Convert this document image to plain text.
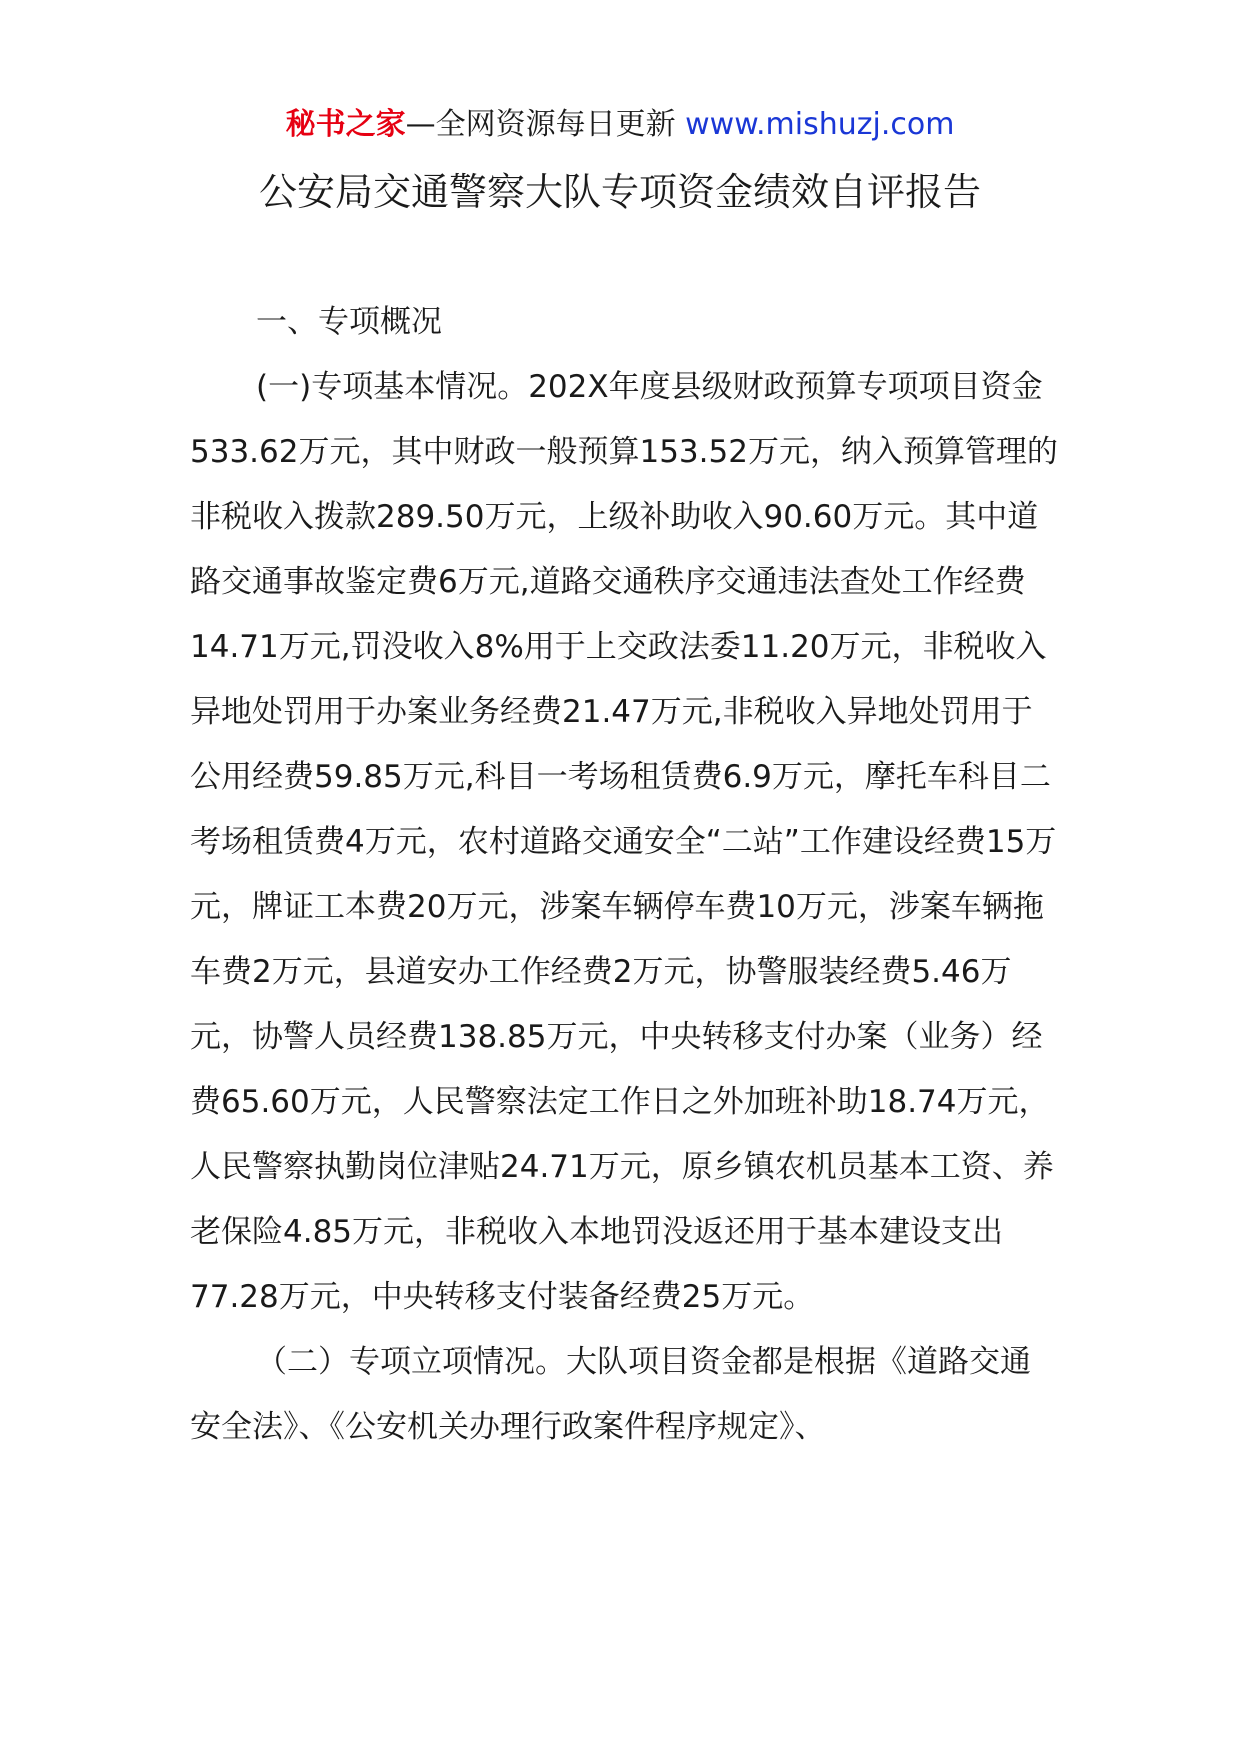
秘书之家—全网资源每日更新 www.mishuzj.com
公安局交通警察大队专项资金绩效自评报告

一、专项概况

(一)专项基本情况。202X年度县级财政预算专项项目资金533.62万元，其中财政一般预算153.52万元，纳入预算管理的非税收入拨款289.50万元，上级补助收入90.60万元。其中道路交通事故鉴定费6万元,道路交通秩序交通违法查处工作经费14.71万元,罚没收入8%用于上交政法委11.20万元，非税收入异地处罚用于办案业务经费21.47万元,非税收入异地处罚用于公用经费59.85万元,科目一考场租赁费6.9万元，摩托车科目二考场租赁费4万元，农村道路交通安全“二站”工作建设经费15万元，牌证工本费20万元，涉案车辆停车费10万元，涉案车辆拖车费2万元，县道安办工作经费2万元，协警服装经费5.46万元，协警人员经费138.85万元，中央转移支付办案（业务）经费65.60万元，人民警察法定工作日之外加班补助18.74万元，人民警察执勤岗位津贴24.71万元，原乡镇农机员基本工资、养老保险4.85万元，非税收入本地罚没返还用于基本建设支出77.28万元，中央转移支付装备经费25万元。

（二）专项立项情况。大队项目资金都是根据《道路交通安全法》、《公安机关办理行政案件程序规定》、
